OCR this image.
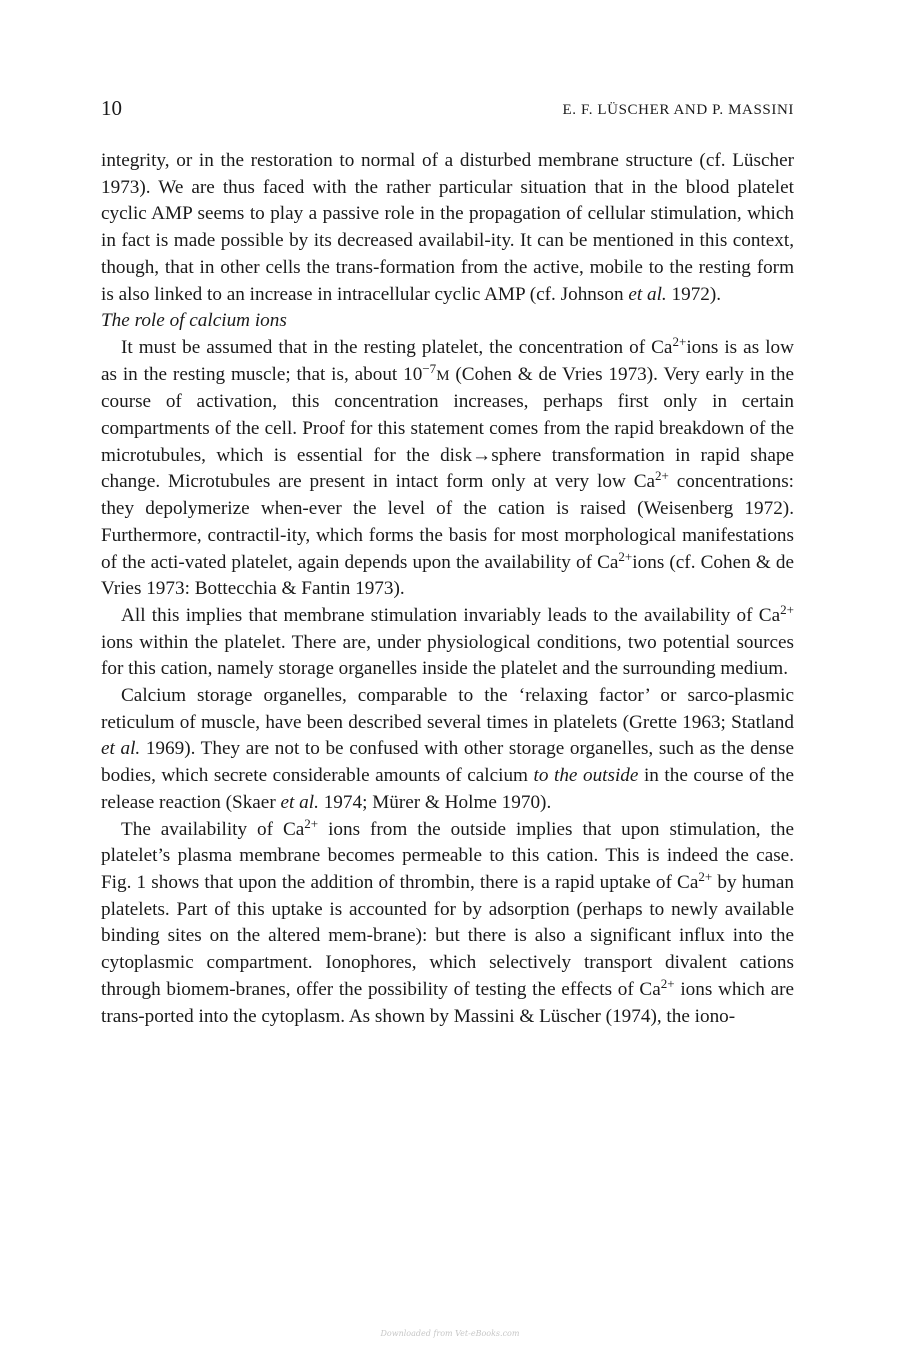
10	E. F. LÜSCHER AND P. MASSINI

integrity, or in the restoration to normal of a disturbed membrane structure (cf. Lüscher 1973). We are thus faced with the rather particular situation that in the blood platelet cyclic AMP seems to play a passive role in the propagation of cellular stimulation, which in fact is made possible by its decreased availabil-ity. It can be mentioned in this context, though, that in other cells the trans-formation from the active, mobile to the resting form is also linked to an increase in intracellular cyclic AMP (cf. Johnson et al. 1972).

The role of calcium ions

It must be assumed that in the resting platelet, the concentration of $Ca^{2+}ions$ is as low as in the resting muscle; that is, about $10^{-7}M$ (Cohen & de Vries 1973). Very early in the course of activation, this concentration increases, perhaps first only in certain compartments of the cell. Proof for this statement comes from the rapid breakdown of the microtubules, which is essential for the disk→sphere transformation in rapid shape change. Microtubules are present in intact form only at very low $Ca^{2+}$ concentrations: they depolymerize when-ever the level of the cation is raised (Weisenberg 1972). Furthermore, contractil-ity, which forms the basis for most morphological manifestations of the acti-vated platelet, again depends upon the availability of $Ca^{2+}ions$ (cf. Cohen & de Vries 1973: Bottecchia & Fantin 1973).

All this implies that membrane stimulation invariably leads to the availability of $Ca^{2+}$ ions within the platelet. There are, under physiological conditions, two potential sources for this cation, namely storage organelles inside the platelet and the surrounding medium.

Calcium storage organelles, comparable to the ‘relaxing factor’ or sarco-plasmic reticulum of muscle, have been described several times in platelets (Grette 1963; Statland et al. 1969). They are not to be confused with other storage organelles, such as the dense bodies, which secrete considerable amounts of calcium to the outside in the course of the release reaction (Skaer et al. 1974; Mürer & Holme 1970).

The availability of $Ca^{2+}$ ions from the outside implies that upon stimulation, the platelet’s plasma membrane becomes permeable to this cation. This is indeed the case. Fig. 1 shows that upon the addition of thrombin, there is a rapid uptake of $Ca^{2+}$ by human platelets. Part of this uptake is accounted for by adsorption (perhaps to newly available binding sites on the altered mem-brane): but there is also a significant influx into the cytoplasmic compartment. Ionophores, which selectively transport divalent cations through biomem-branes, offer the possibility of testing the effects of $Ca^{2+}$ ions which are trans-ported into the cytoplasm. As shown by Massini & Lüscher (1974), the iono-

Downloaded from Vet-eBooks.com
